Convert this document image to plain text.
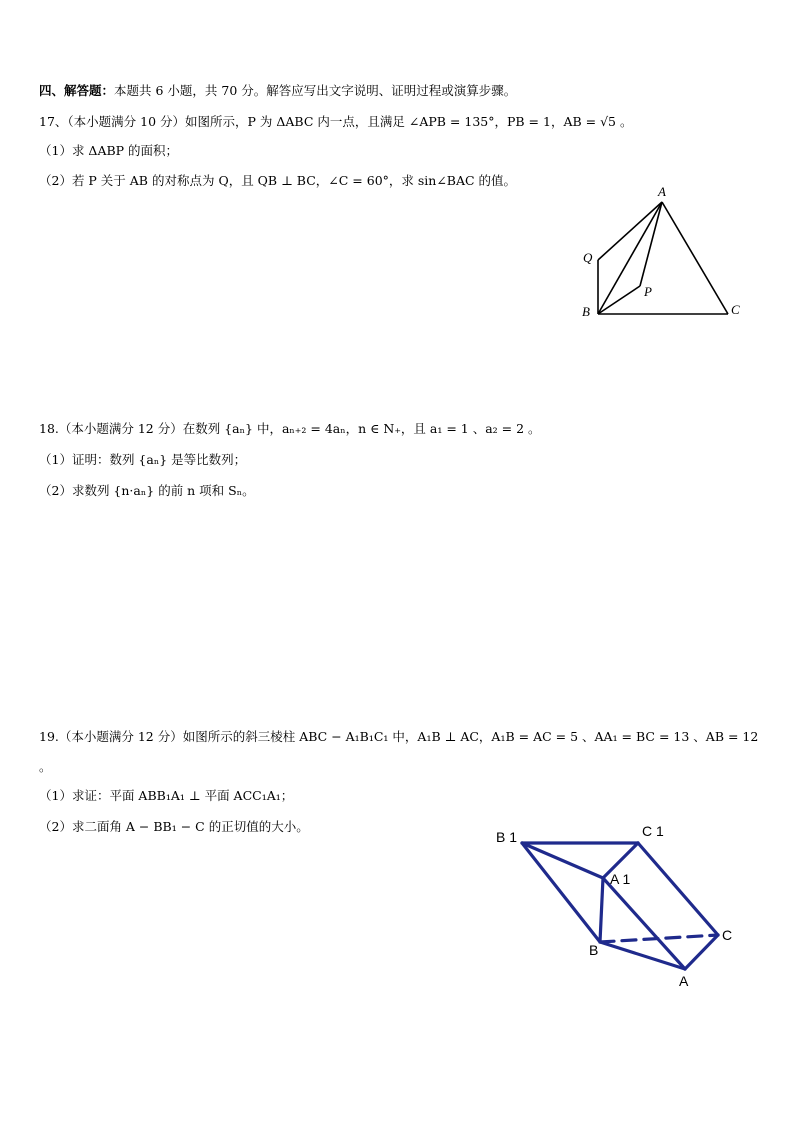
四、解答题：本题共 6 小题，共 70 分。解答应写出文字说明、证明过程或演算步骤。
17、（本小题满分 10 分）如图所示，P 为 ΔABC 内一点，且满足 ∠APB = 135°，PB = 1，AB = √5 。
（1）求 ΔABP 的面积；
（2）若 P 关于 AB 的对称点为 Q，且 QB ⊥ BC，∠C = 60°，求 sin∠BAC 的值。
A
Q
P
B	C
18.（本小题满分 12 分）在数列 {aₙ} 中，aₙ₊₂ = 4aₙ，n ∈ N₊，且 a₁ = 1 、a₂ = 2 。
（1）证明：数列 {aₙ} 是等比数列；
（2）求数列 {n·aₙ} 的前 n 项和 Sₙ。
19.（本小题满分 12 分）如图所示的斜三棱柱 ABC − A₁B₁C₁ 中，A₁B ⊥ AC，A₁B = AC = 5 、AA₁ = BC = 13 、AB = 12
。
（1）求证：平面 ABB₁A₁ ⊥ 平面 ACC₁A₁；
（2）求二面角 A − BB₁ − C 的正切值的大小。
B 1	C 1
A 1
B
C
A
